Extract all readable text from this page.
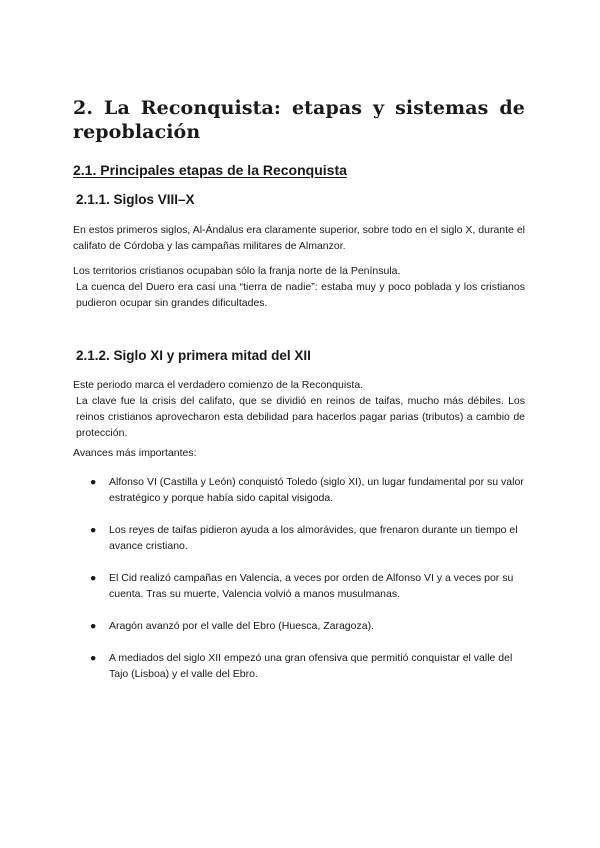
2. La Reconquista: etapas y sistemas de repoblación
2.1. Principales etapas de la Reconquista
2.1.1. Siglos VIII–X

En estos primeros siglos, Al-Ándalus era claramente superior, sobre todo en el siglo X, durante el califato de Córdoba y las campañas militares de Almanzor.

Los territorios cristianos ocupaban sólo la franja norte de la Península.
La cuenca del Duero era casi una “tierra de nadie”: estaba muy y poco poblada y los cristianos pudieron ocupar sin grandes dificultades.
2.1.2. Siglo XI y primera mitad del XII
Este periodo marca el verdadero comienzo de la Reconquista.
La clave fue la crisis del califato, que se dividió en reinos de taifas, mucho más débiles. Los reinos cristianos aprovecharon esta debilidad para hacerlos pagar parias (tributos) a cambio de protección.

Avances más importantes:

● Alfonso VI (Castilla y León) conquistó Toledo (siglo XI), un lugar fundamental por su valor estratégico y porque había sido capital visigoda.
● Los reyes de taifas pidieron ayuda a los almorávides, que frenaron durante un tiempo el avance cristiano.
● El Cid realizó campañas en Valencia, a veces por orden de Alfonso VI y a veces por su cuenta. Tras su muerte, Valencia volvió a manos musulmanas.
● Aragón avanzó por el valle del Ebro (Huesca, Zaragoza).
● A mediados del siglo XII empezó una gran ofensiva que permitió conquistar el valle del Tajo (Lisboa) y el valle del Ebro.
